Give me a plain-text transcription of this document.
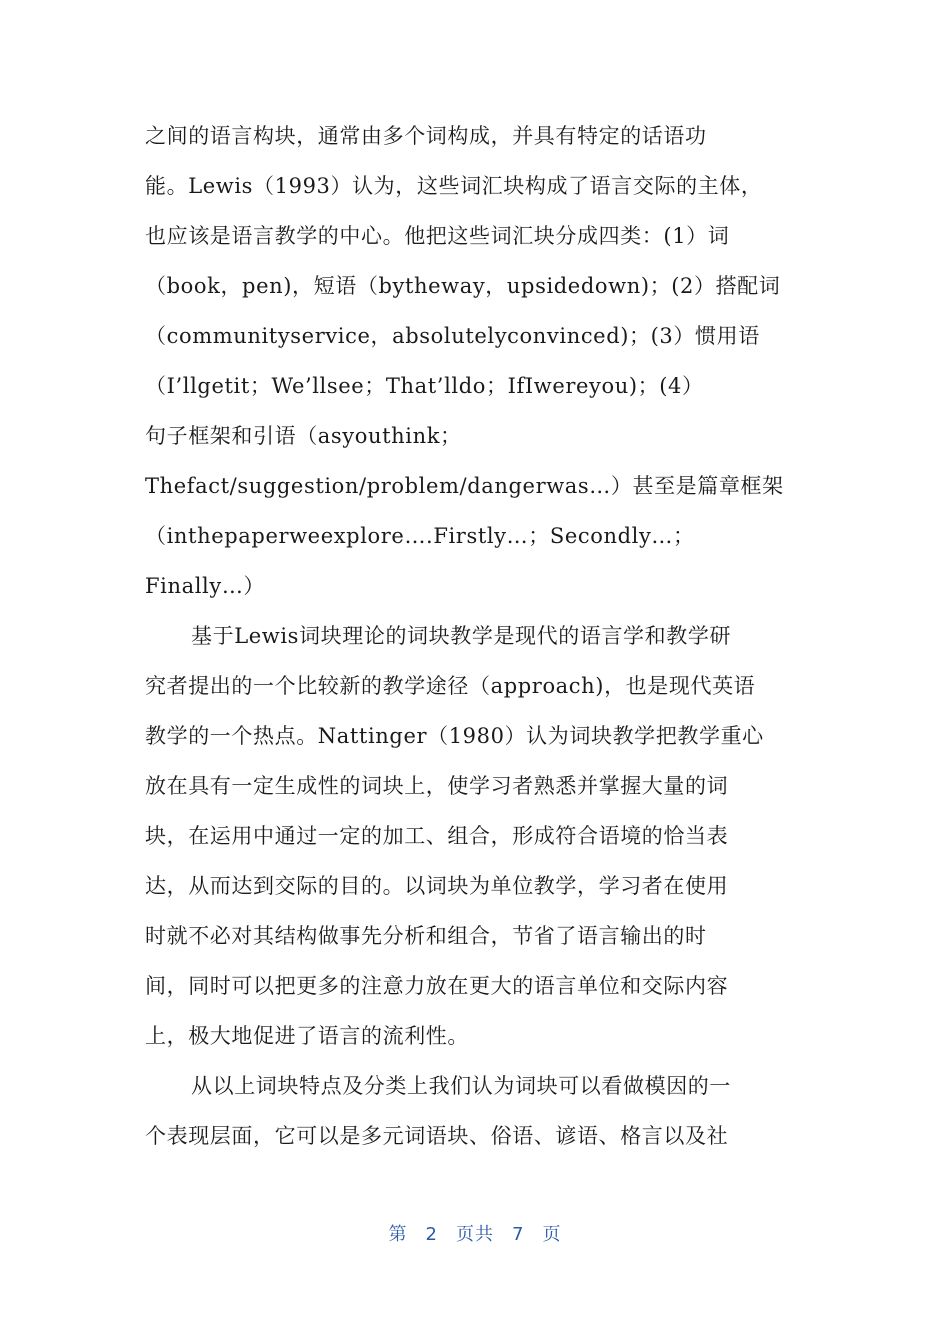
之间的语言构块，通常由多个词构成，并具有特定的话语功
能。Lewis（1993）认为，这些词汇块构成了语言交际的主体，
也应该是语言教学的中心。他把这些词汇块分成四类：(1）词
（book，pen)，短语（bytheway，upsidedown)；(2）搭配词
（communityservice，absolutelyconvinced)；(3）惯用语
（I’llgetit；We’llsee；That’lldo；IfIwereyou)；(4）
句子框架和引语（asyouthink；
Thefact/suggestion/problem/dangerwas…）甚至是篇章框架
（inthepaperweexplore….Firstly…；Secondly…；
Finally…）
基于Lewis词块理论的词块教学是现代的语言学和教学研
究者提出的一个比较新的教学途径（approach)，也是现代英语
教学的一个热点。Nattinger（1980）认为词块教学把教学重心
放在具有一定生成性的词块上，使学习者熟悉并掌握大量的词
块，在运用中通过一定的加工、组合，形成符合语境的恰当表
达，从而达到交际的目的。以词块为单位教学，学习者在使用
时就不必对其结构做事先分析和组合，节省了语言输出的时
间，同时可以把更多的注意力放在更大的语言单位和交际内容
上，极大地促进了语言的流利性。
从以上词块特点及分类上我们认为词块可以看做模因的一
个表现层面，它可以是多元词语块、俗语、谚语、格言以及社
第 2 页共 7 页
